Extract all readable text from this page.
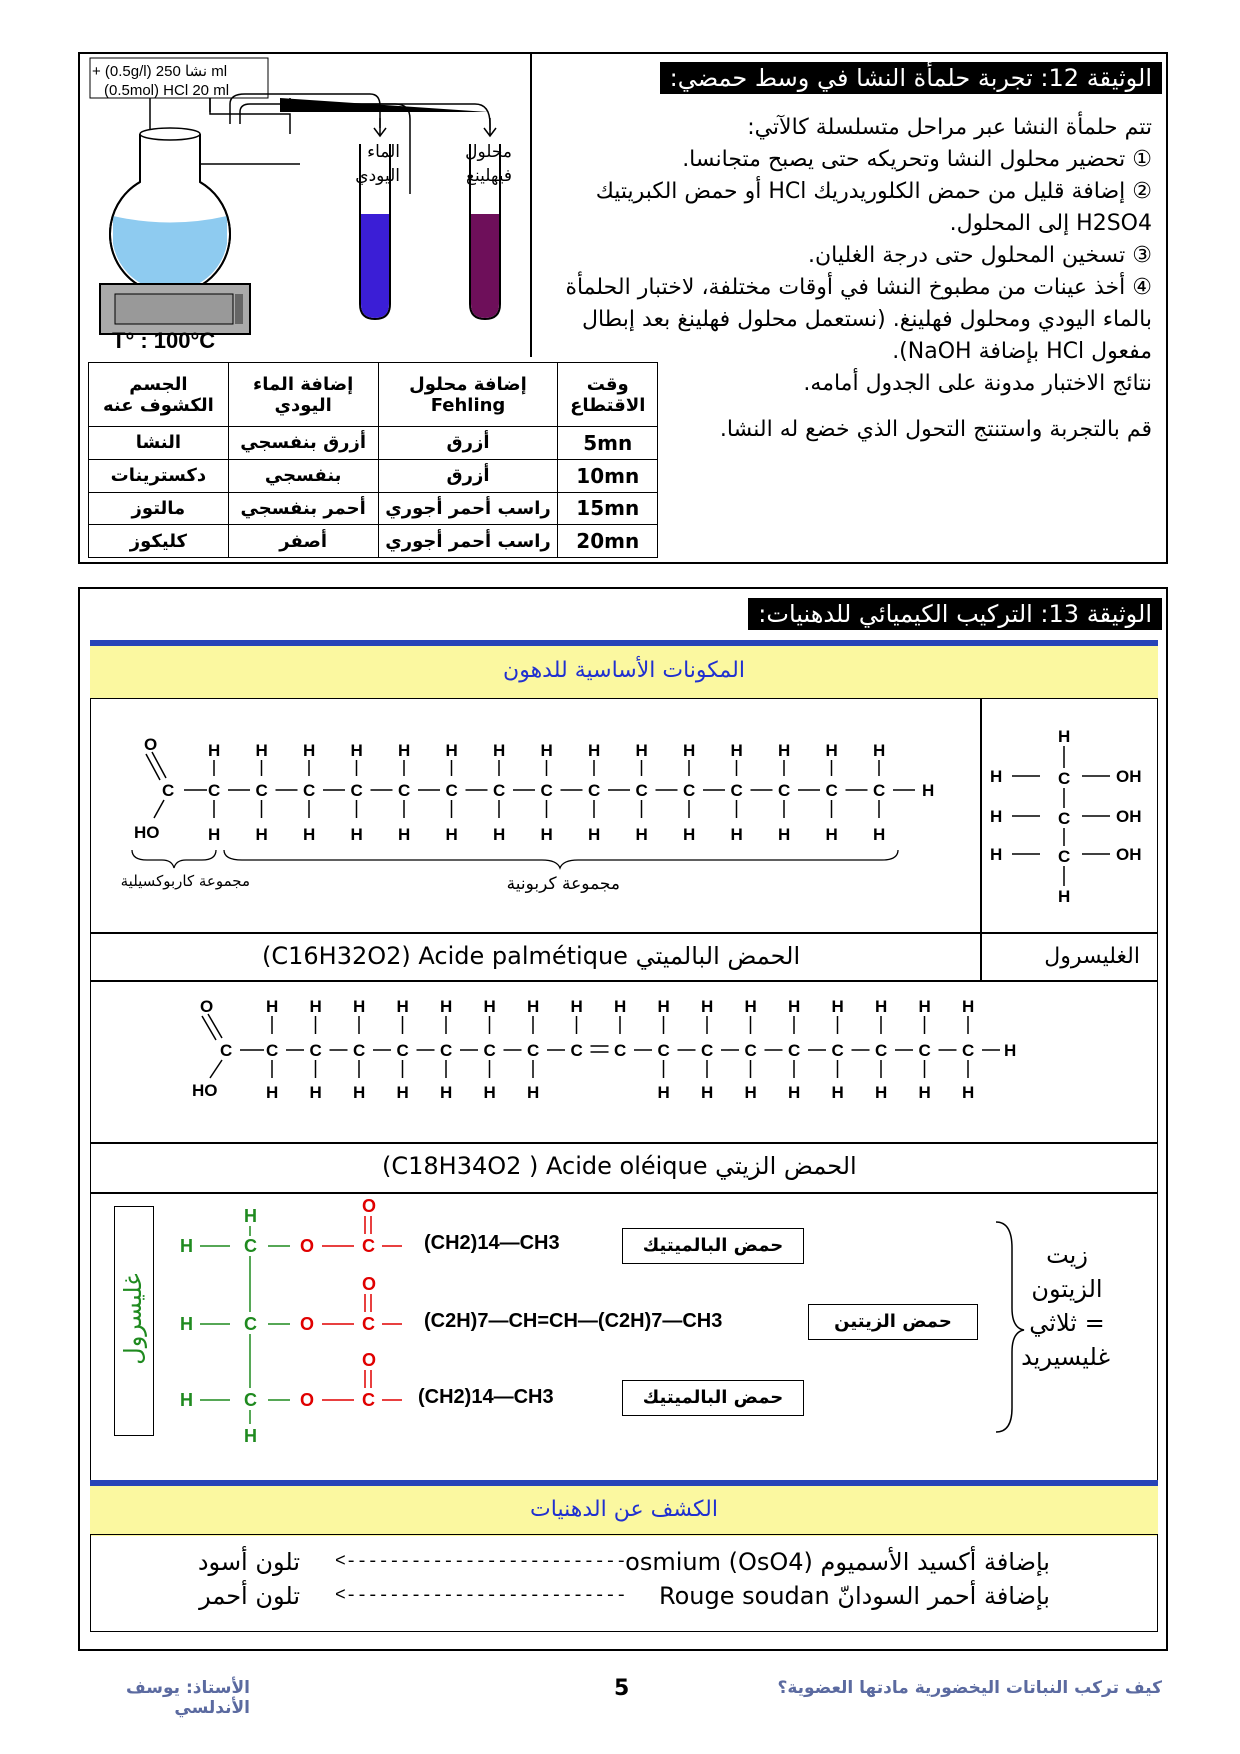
+ (0.5g/l) نشا 250 ml
(0.5mol) HCl 20 ml
الماء اليودي
محلول فيهلينغ
T° : 100°C
الوثيقة 12: تجربة حلمأة النشا في وسط حمضي:
تتم حلمأة النشا عبر مراحل متسلسلة كالآتي:
① تحضير محلول النشا وتحريكه حتى يصبح متجانسا.
② إضافة قليل من حمض الكلوريدريك HCl أو حمض الكبريتيك
H2SO4 إلى المحلول.
③ تسخين المحلول حتى درجة الغليان.
④ أخذ عينات من مطبوخ النشا في أوقات مختلفة، لاختبار الحلمأة
بالماء اليودي ومحلول فهلينغ. (نستعمل محلول فهلينغ بعد إبطال
مفعول HCl بإضافة NaOH).
نتائج الاختبار مدونة على الجدول أمامه.
قم بالتجربة واستنتج التحول الذي خضع له النشا.
وقت الاقتطاع	إضافة محلول Fehling	إضافة الماء اليودي	الجسم الكشوف عنه
5mn	أزرق	أزرق بنفسجي	النشا
10mn	أزرق	بنفسجي	دكسترينات
15mn	راسب أحمر أجوري	أحمر بنفسجي	مالتوز
20mn	راسب أحمر أجوري	أصفر	كليكوز
الوثيقة 13: التركيب الكيميائي للدهنيات:
المكونات الأساسية للدهون
(C16H32O2) Acide palmétique الحمض البالميتي	الغليسرول
O
C
HO
H
C
H
H
C
H
H
C
H
H
C
H
H
C
H
H
C
H
H
C
H
H
C
H
H
C
H
H
C
H
H
C
H
H
C
H
H
C
H
H
C
H
H
C
H
H
مجموعة كاربوكسيلية	مجموعة كربونية
H
H	C	OH
H	C	OH
H	C	OH
H
(C18H34O2 ) Acide oléique الحمض الزيتي
O
C
HO
H
C
H
H
C
H
H
C
H
H
C
H
H
C
H
H
C
H
H
C
H
H
C
H
C
H
C
H
H
C
H
H
C
H
H
C
H
H
C
H
H
C
H
H
C
H
H
C
H
H
غليسرول
H
H	C
H	C
H	C
H
O
O
O
O
O
O
C
C
C
(CH2)14—CH3
(C2H)7—CH=CH—(C2H)7—CH3
(CH2)14—CH3
حمض البالميتيك
حمض الزيتين
حمض البالميتيك
زيت الزيتون = ثلاثي غليسيريد
الكشف عن الدهنيات
بإضافة أكسيد الأسميوم (OsO4) osmium
<--------------------------
تلون أسود
بإضافة أحمر السودانّ Rouge soudan
<--------------------------
تلون أحمر
كيف تركب النباتات اليخضورية مادتها العضوية؟
5
الأستاذ: يوسف الأندلسي
